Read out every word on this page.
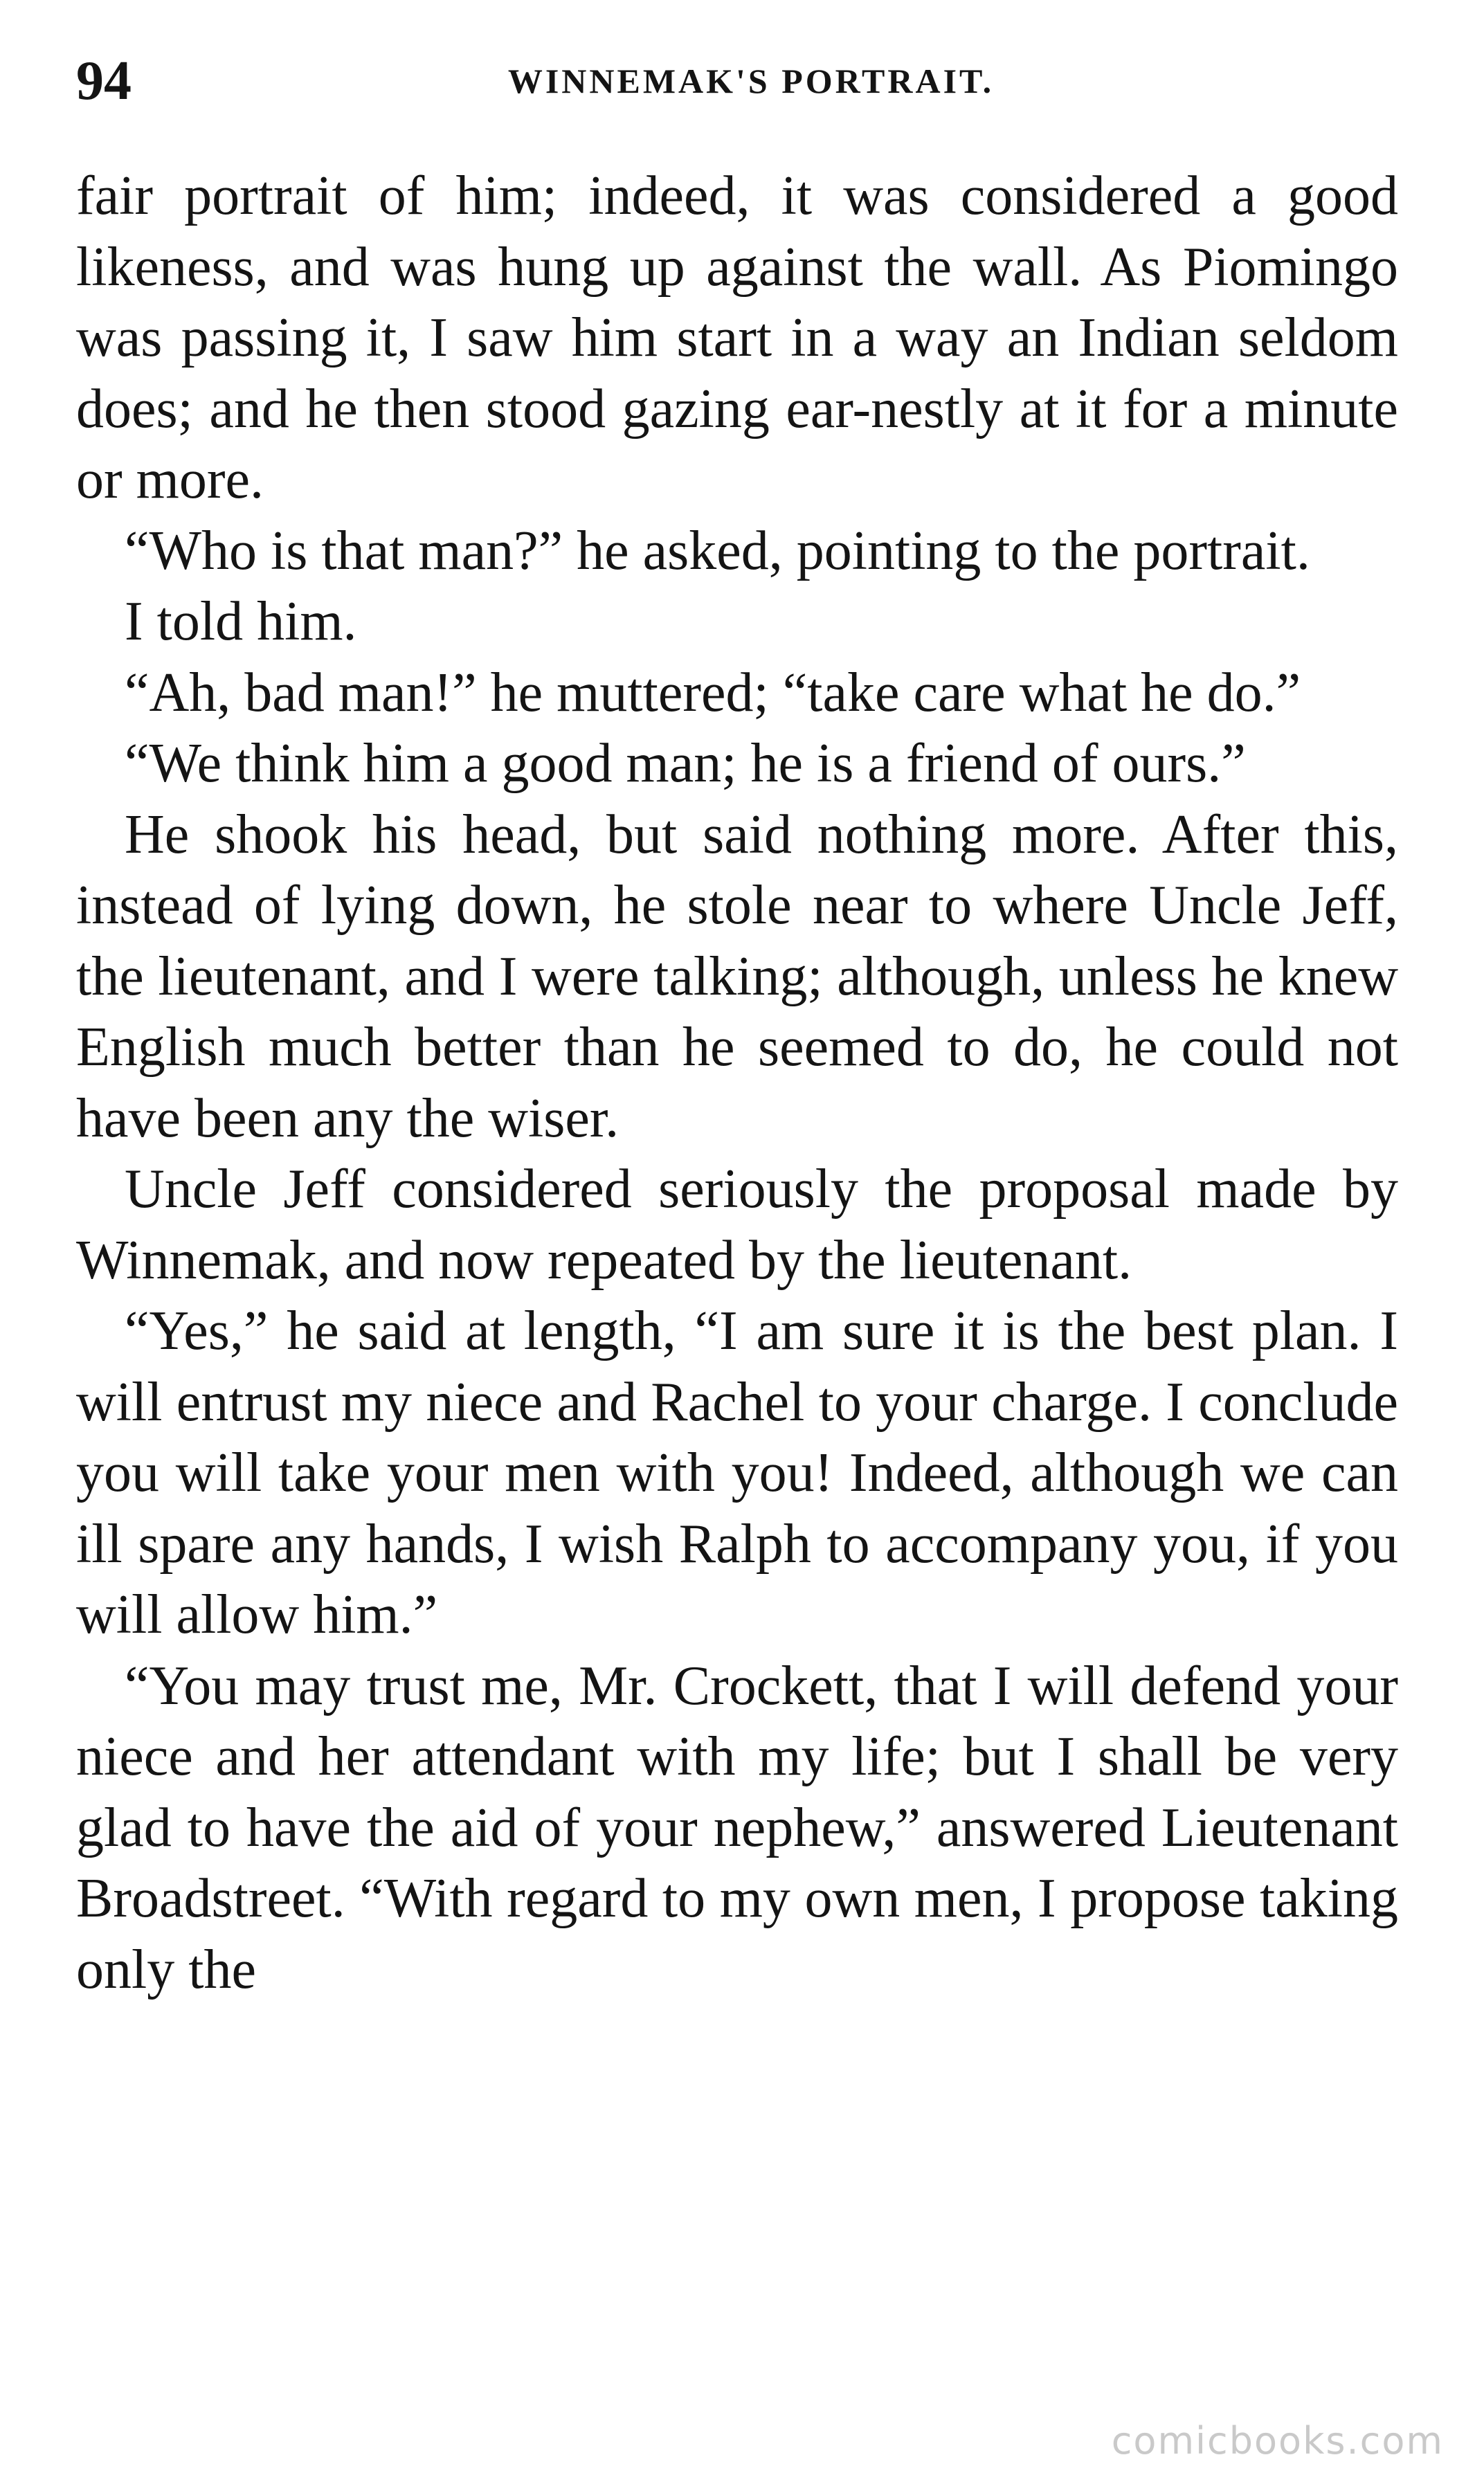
94	WINNEMAK'S PORTRAIT.

fair portrait of him; indeed, it was considered a good likeness, and was hung up against the wall. As Piomingo was passing it, I saw him start in a way an Indian seldom does; and he then stood gazing ear-nestly at it for a minute or more.

“Who is that man?” he asked, pointing to the portrait.

I told him.

“Ah, bad man!” he muttered; “take care what he do.”

“We think him a good man; he is a friend of ours.”

He shook his head, but said nothing more. After this, instead of lying down, he stole near to where Uncle Jeff, the lieutenant, and I were talking; although, unless he knew English much better than he seemed to do, he could not have been any the wiser.

Uncle Jeff considered seriously the proposal made by Winnemak, and now repeated by the lieutenant.

“Yes,” he said at length, “I am sure it is the best plan. I will entrust my niece and Rachel to your charge. I conclude you will take your men with you! Indeed, although we can ill spare any hands, I wish Ralph to accompany you, if you will allow him.”

“You may trust me, Mr. Crockett, that I will defend your niece and her attendant with my life; but I shall be very glad to have the aid of your nephew,” answered Lieutenant Broadstreet. “With regard to my own men, I propose taking only the

comicbooks.com
